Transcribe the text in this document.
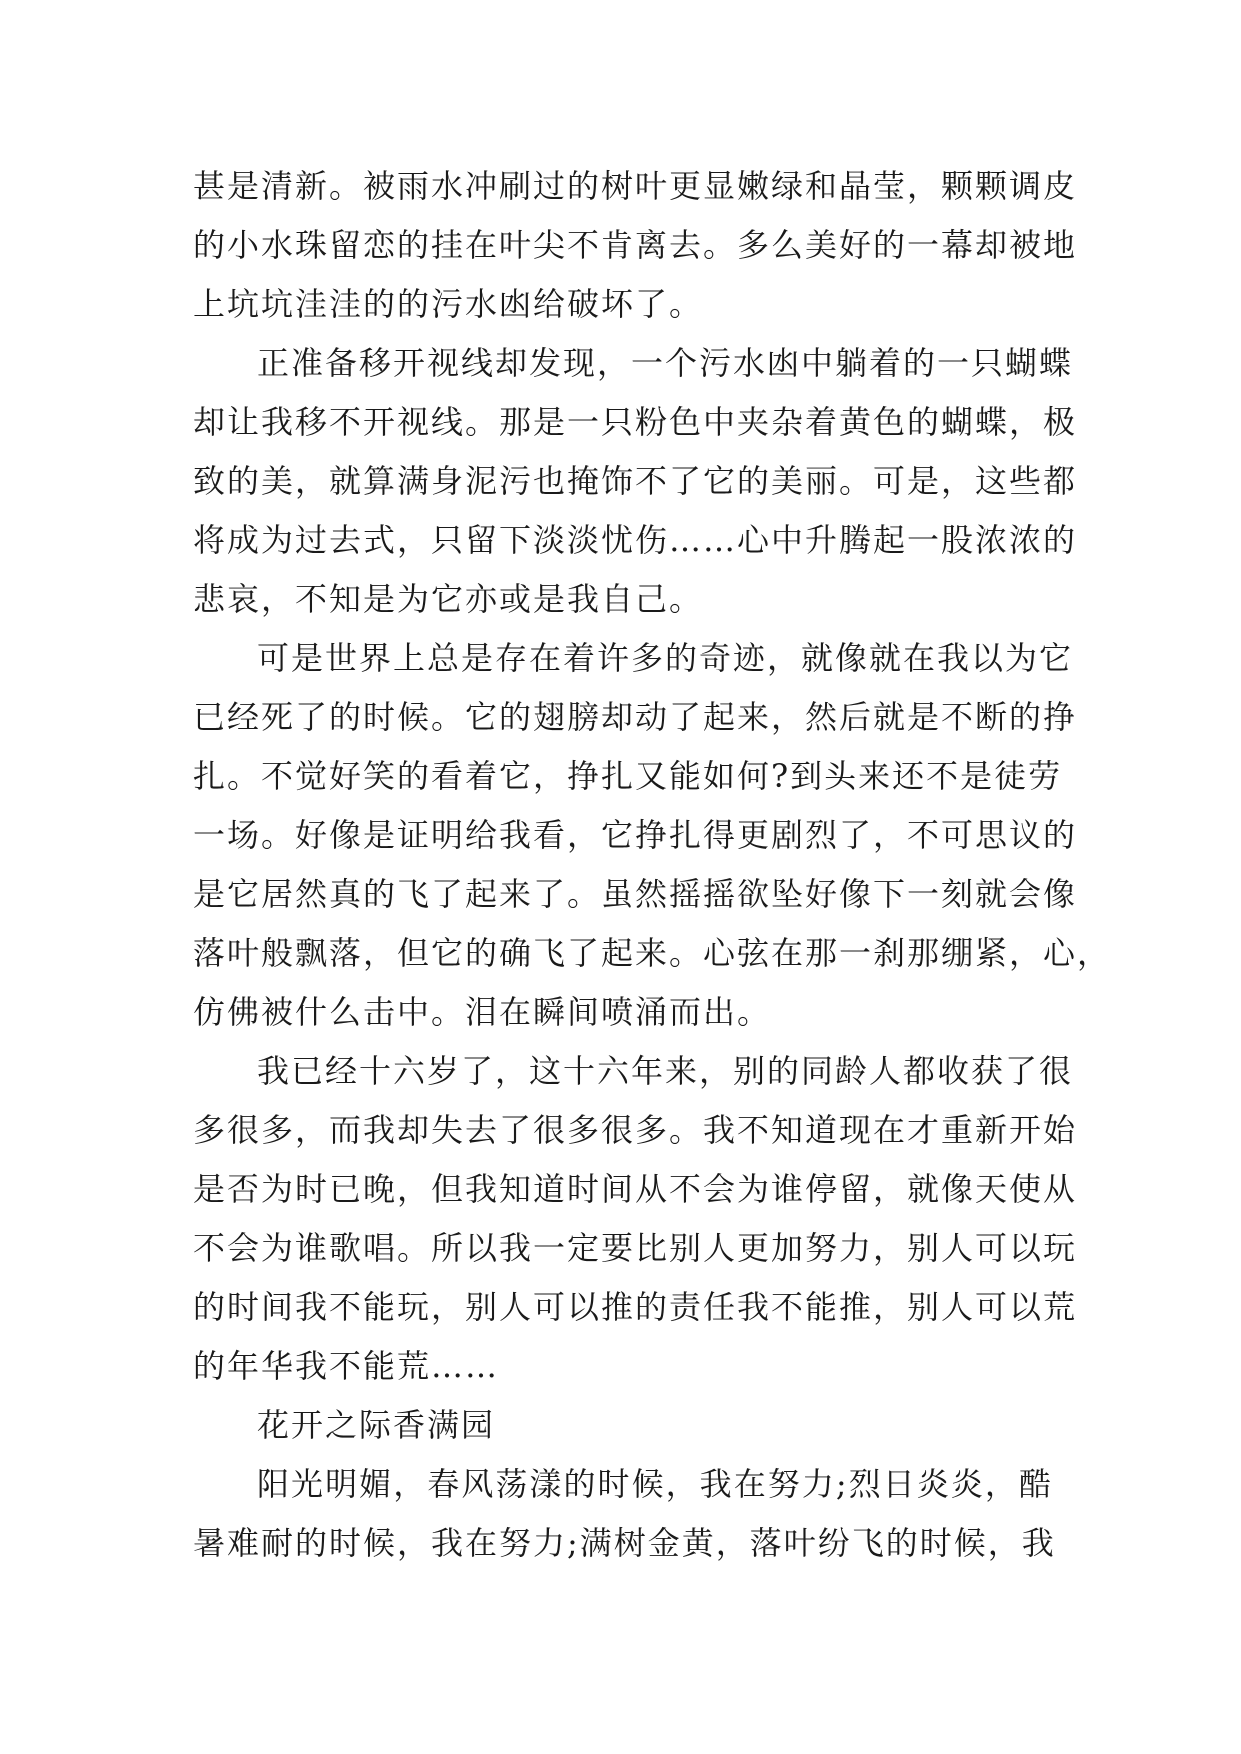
甚是清新。被雨水冲刷过的树叶更显嫩绿和晶莹，颗颗调皮
的小水珠留恋的挂在叶尖不肯离去。多么美好的一幕却被地
上坑坑洼洼的的污水凼给破坏了。
正准备移开视线却发现，一个污水凼中躺着的一只蝴蝶
却让我移不开视线。那是一只粉色中夹杂着黄色的蝴蝶，极
致的美，就算满身泥污也掩饰不了它的美丽。可是，这些都
将成为过去式，只留下淡淡忧伤……心中升腾起一股浓浓的
悲哀，不知是为它亦或是我自己。
可是世界上总是存在着许多的奇迹，就像就在我以为它
已经死了的时候。它的翅膀却动了起来，然后就是不断的挣
扎。不觉好笑的看着它，挣扎又能如何?到头来还不是徒劳
一场。好像是证明给我看，它挣扎得更剧烈了，不可思议的
是它居然真的飞了起来了。虽然摇摇欲坠好像下一刻就会像
落叶般飘落，但它的确飞了起来。心弦在那一刹那绷紧，心，
仿佛被什么击中。泪在瞬间喷涌而出。
我已经十六岁了，这十六年来，别的同龄人都收获了很
多很多，而我却失去了很多很多。我不知道现在才重新开始
是否为时已晚，但我知道时间从不会为谁停留，就像天使从
不会为谁歌唱。所以我一定要比别人更加努力，别人可以玩
的时间我不能玩，别人可以推的责任我不能推，别人可以荒
的年华我不能荒……
花开之际香满园
阳光明媚，春风荡漾的时候，我在努力;烈日炎炎，酷
暑难耐的时候，我在努力;满树金黄，落叶纷飞的时候，我
